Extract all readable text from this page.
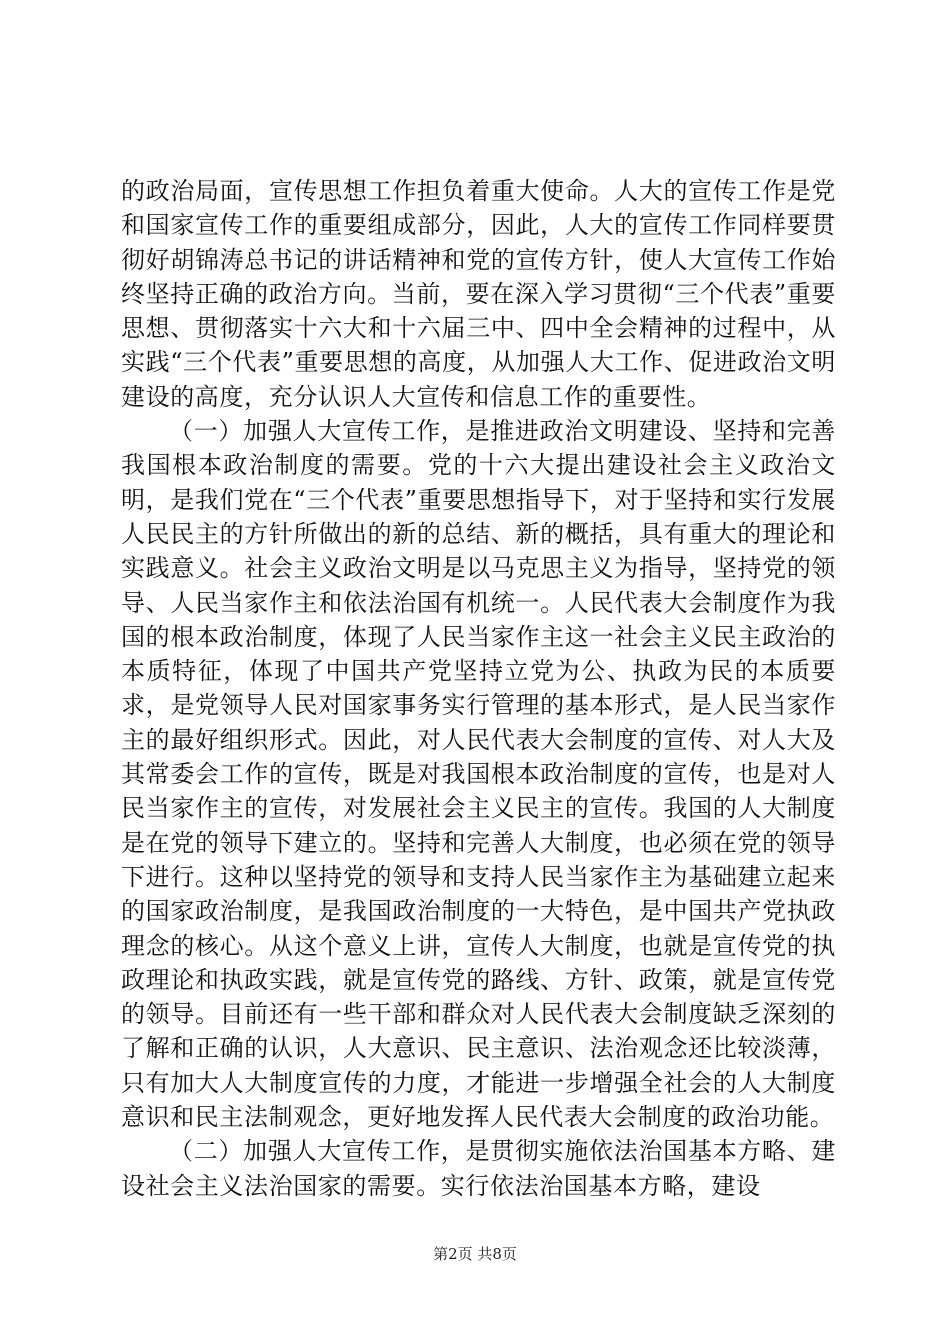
的政治局面，宣传思想工作担负着重大使命。人大的宣传工作是党和国家宣传工作的重要组成部分，因此，人大的宣传工作同样要贯彻好胡锦涛总书记的讲话精神和党的宣传方针，使人大宣传工作始终坚持正确的政治方向。当前，要在深入学习贯彻“三个代表”重要思想、贯彻落实十六大和十六届三中、四中全会精神的过程中，从实践“三个代表”重要思想的高度，从加强人大工作、促进政治文明建设的高度，充分认识人大宣传和信息工作的重要性。

（一）加强人大宣传工作，是推进政治文明建设、坚持和完善我国根本政治制度的需要。党的十六大提出建设社会主义政治文明，是我们党在“三个代表”重要思想指导下，对于坚持和实行发展人民民主的方针所做出的新的总结、新的概括，具有重大的理论和实践意义。社会主义政治文明是以马克思主义为指导，坚持党的领导、人民当家作主和依法治国有机统一。人民代表大会制度作为我国的根本政治制度，体现了人民当家作主这一社会主义民主政治的本质特征，体现了中国共产党坚持立党为公、执政为民的本质要求，是党领导人民对国家事务实行管理的基本形式，是人民当家作主的最好组织形式。因此，对人民代表大会制度的宣传、对人大及其常委会工作的宣传，既是对我国根本政治制度的宣传，也是对人民当家作主的宣传，对发展社会主义民主的宣传。我国的人大制度是在党的领导下建立的。坚持和完善人大制度，也必须在党的领导下进行。这种以坚持党的领导和支持人民当家作主为基础建立起来的国家政治制度，是我国政治制度的一大特色，是中国共产党执政理念的核心。从这个意义上讲，宣传人大制度，也就是宣传党的执政理论和执政实践，就是宣传党的路线、方针、政策，就是宣传党的领导。目前还有一些干部和群众对人民代表大会制度缺乏深刻的了解和正确的认识，人大意识、民主意识、法治观念还比较淡薄，只有加大人大制度宣传的力度，才能进一步增强全社会的人大制度意识和民主法制观念，更好地发挥人民代表大会制度的政治功能。

（二）加强人大宣传工作，是贯彻实施依法治国基本方略、建设社会主义法治国家的需要。实行依法治国基本方略，建设

第2页 共8页
